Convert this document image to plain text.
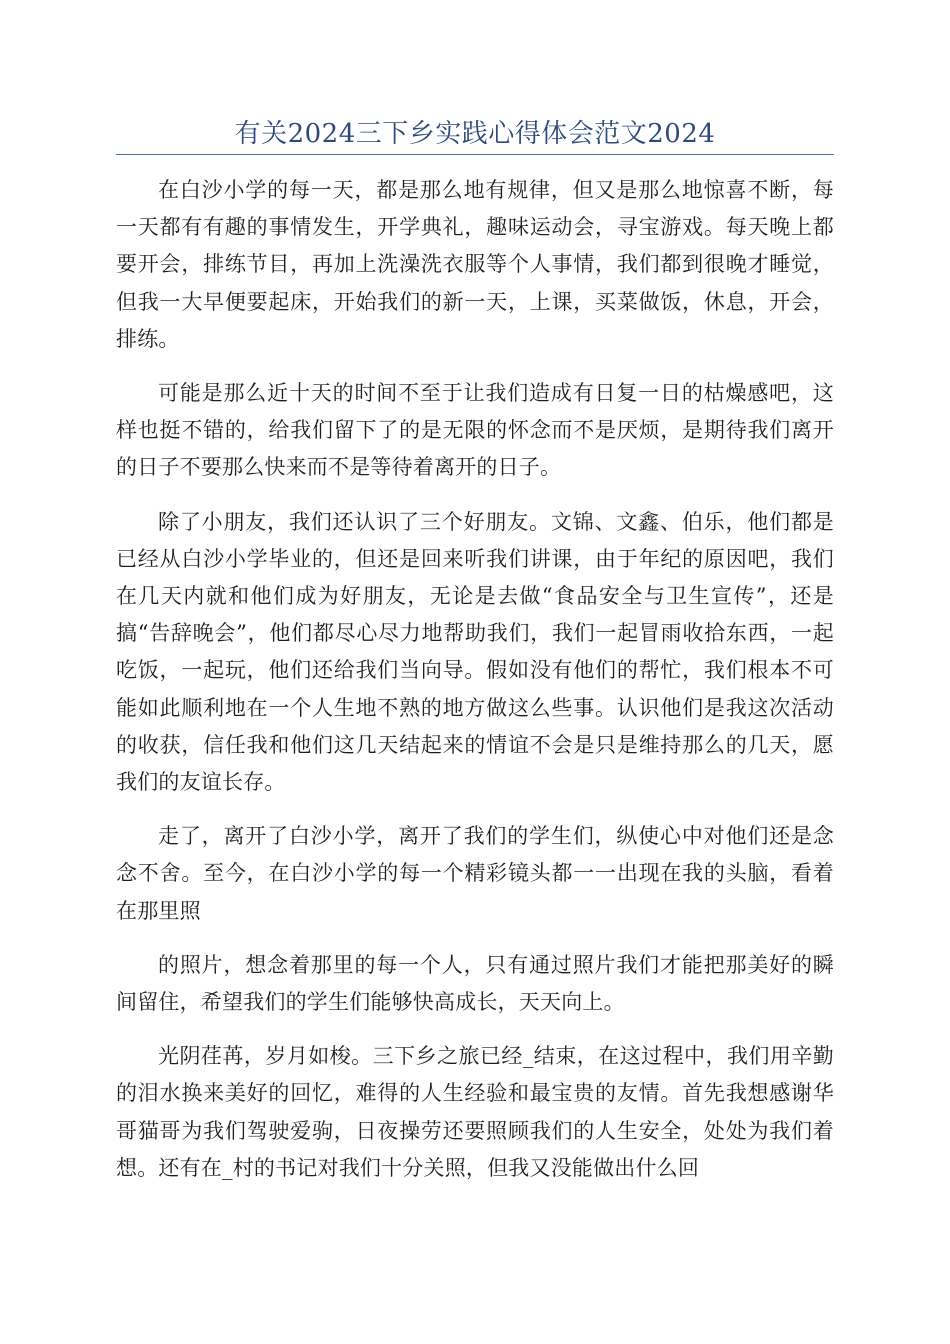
有关2024三下乡实践心得体会范文2024

在白沙小学的每一天，都是那么地有规律，但又是那么地惊喜不断，每一天都有有趣的事情发生，开学典礼，趣味运动会，寻宝游戏。每天晚上都要开会，排练节目，再加上洗澡洗衣服等个人事情，我们都到很晚才睡觉，但我一大早便要起床，开始我们的新一天，上课，买菜做饭，休息，开会，排练。

可能是那么近十天的时间不至于让我们造成有日复一日的枯燥感吧，这样也挺不错的，给我们留下了的是无限的怀念而不是厌烦，是期待我们离开的日子不要那么快来而不是等待着离开的日子。

除了小朋友，我们还认识了三个好朋友。文锦、文鑫、伯乐，他们都是已经从白沙小学毕业的，但还是回来听我们讲课，由于年纪的原因吧，我们在几天内就和他们成为好朋友，无论是去做“食品安全与卫生宣传”，还是搞“告辞晚会”，他们都尽心尽力地帮助我们，我们一起冒雨收拾东西，一起吃饭，一起玩，他们还给我们当向导。假如没有他们的帮忙，我们根本不可能如此顺利地在一个人生地不熟的地方做这么些事。认识他们是我这次活动的收获，信任我和他们这几天结起来的情谊不会是只是维持那么的几天，愿我们的友谊长存。

走了，离开了白沙小学，离开了我们的学生们，纵使心中对他们还是念念不舍。至今，在白沙小学的每一个精彩镜头都一一出现在我的头脑，看着在那里照

的照片，想念着那里的每一个人，只有通过照片我们才能把那美好的瞬间留住，希望我们的学生们能够快高成长，天天向上。

光阴荏苒，岁月如梭。三下乡之旅已经_结束，在这过程中，我们用辛勤的泪水换来美好的回忆，难得的人生经验和最宝贵的友情。首先我想感谢华哥猫哥为我们驾驶爱驹，日夜操劳还要照顾我们的人生安全，处处为我们着想。还有在_村的书记对我们十分关照，但我又没能做出什么回
